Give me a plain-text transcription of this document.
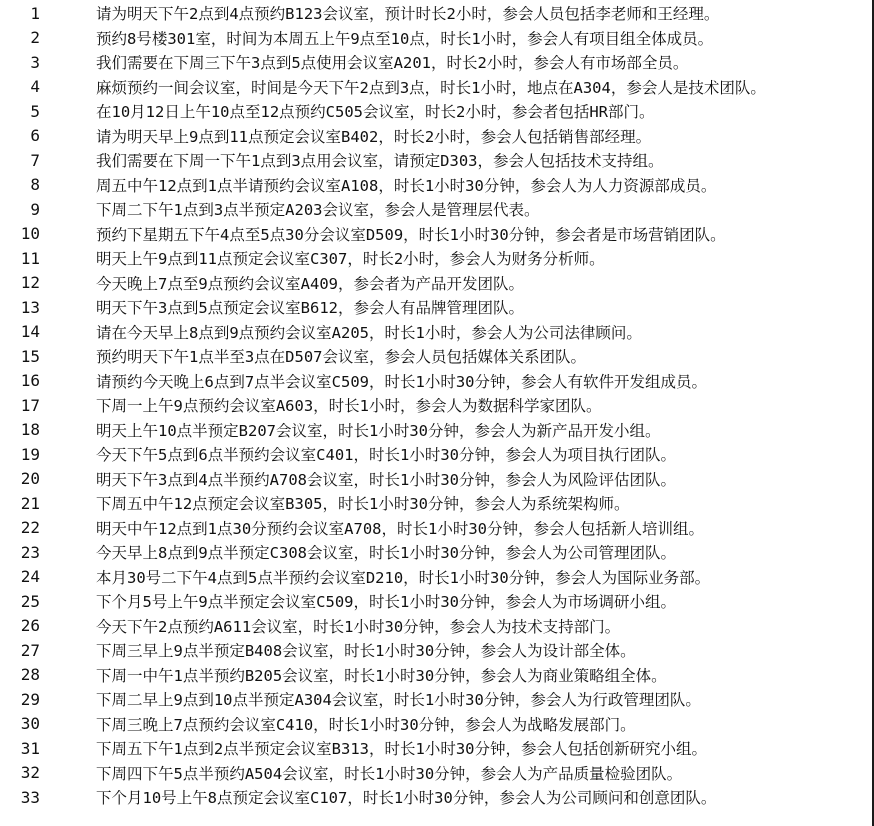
1	请为明天下午2点到4点预约B123会议室，预计时长2小时，参会人员包括李老师和王经理。
2	预约8号楼301室，时间为本周五上午9点至10点，时长1小时，参会人有项目组全体成员。
3	我们需要在下周三下午3点到5点使用会议室A201，时长2小时，参会人有市场部全员。
4	麻烦预约一间会议室，时间是今天下午2点到3点，时长1小时，地点在A304，参会人是技术团队。
5	在10月12日上午10点至12点预约C505会议室，时长2小时，参会者包括HR部门。
6	请为明天早上9点到11点预定会议室B402，时长2小时，参会人包括销售部经理。
7	我们需要在下周一下午1点到3点用会议室，请预定D303，参会人包括技术支持组。
8	周五中午12点到1点半请预约会议室A108，时长1小时30分钟，参会人为人力资源部成员。
9	下周二下午1点到3点半预定A203会议室，参会人是管理层代表。
10	预约下星期五下午4点至5点30分会议室D509，时长1小时30分钟，参会者是市场营销团队。
11	明天上午9点到11点预定会议室C307，时长2小时，参会人为财务分析师。
12	今天晚上7点至9点预约会议室A409，参会者为产品开发团队。
13	明天下午3点到5点预定会议室B612，参会人有品牌管理团队。
14	请在今天早上8点到9点预约会议室A205，时长1小时，参会人为公司法律顾问。
15	预约明天下午1点半至3点在D507会议室，参会人员包括媒体关系团队。
16	请预约今天晚上6点到7点半会议室C509，时长1小时30分钟，参会人有软件开发组成员。
17	下周一上午9点预约会议室A603，时长1小时，参会人为数据科学家团队。
18	明天上午10点半预定B207会议室，时长1小时30分钟，参会人为新产品开发小组。
19	今天下午5点到6点半预约会议室C401，时长1小时30分钟，参会人为项目执行团队。
20	明天下午3点到4点半预约A708会议室，时长1小时30分钟，参会人为风险评估团队。
21	下周五中午12点预定会议室B305，时长1小时30分钟，参会人为系统架构师。
22	明天中午12点到1点30分预约会议室A708，时长1小时30分钟，参会人包括新人培训组。
23	今天早上8点到9点半预定C308会议室，时长1小时30分钟，参会人为公司管理团队。
24	本月30号二下午4点到5点半预约会议室D210，时长1小时30分钟，参会人为国际业务部。
25	下个月5号上午9点半预定会议室C509，时长1小时30分钟，参会人为市场调研小组。
26	今天下午2点预约A611会议室，时长1小时30分钟，参会人为技术支持部门。
27	下周三早上9点半预定B408会议室，时长1小时30分钟，参会人为设计部全体。
28	下周一中午1点半预约B205会议室，时长1小时30分钟，参会人为商业策略组全体。
29	下周二早上9点到10点半预定A304会议室，时长1小时30分钟，参会人为行政管理团队。
30	下周三晚上7点预约会议室C410，时长1小时30分钟，参会人为战略发展部门。
31	下周五下午1点到2点半预定会议室B313，时长1小时30分钟，参会人包括创新研究小组。
32	下周四下午5点半预约A504会议室，时长1小时30分钟，参会人为产品质量检验团队。
33	下个月10号上午8点预定会议室C107，时长1小时30分钟，参会人为公司顾问和创意团队。
